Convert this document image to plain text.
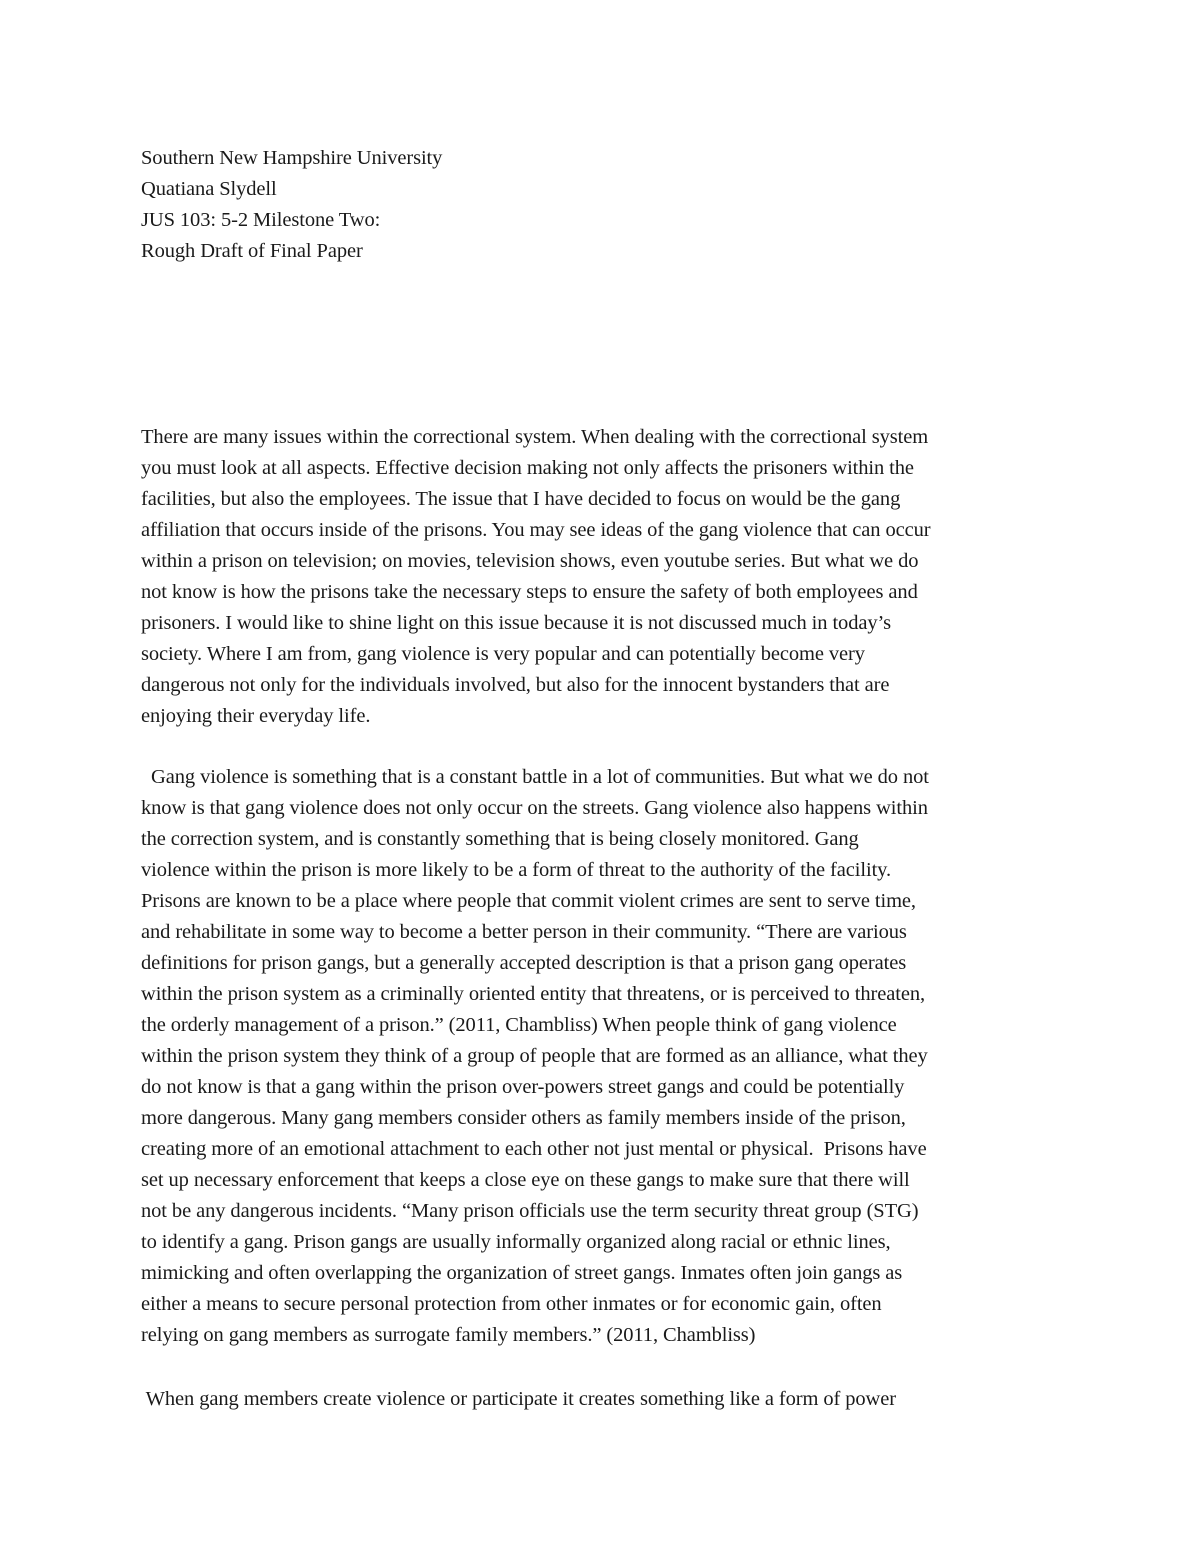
Southern New Hampshire University
Quatiana Slydell
JUS 103: 5-2 Milestone Two:
Rough Draft of Final Paper
There are many issues within the correctional system. When dealing with the correctional system
you must look at all aspects. Effective decision making not only affects the prisoners within the
facilities, but also the employees. The issue that I have decided to focus on would be the gang
affiliation that occurs inside of the prisons. You may see ideas of the gang violence that can occur
within a prison on television; on movies, television shows, even youtube series. But what we do
not know is how the prisons take the necessary steps to ensure the safety of both employees and
prisoners. I would like to shine light on this issue because it is not discussed much in today’s
society. Where I am from, gang violence is very popular and can potentially become very
dangerous not only for the individuals involved, but also for the innocent bystanders that are
enjoying their everyday life.
Gang violence is something that is a constant battle in a lot of communities. But what we do not
know is that gang violence does not only occur on the streets. Gang violence also happens within
the correction system, and is constantly something that is being closely monitored. Gang
violence within the prison is more likely to be a form of threat to the authority of the facility.
Prisons are known to be a place where people that commit violent crimes are sent to serve time,
and rehabilitate in some way to become a better person in their community. “There are various
definitions for prison gangs, but a generally accepted description is that a prison gang operates
within the prison system as a criminally oriented entity that threatens, or is perceived to threaten,
the orderly management of a prison.” (2011, Chambliss) When people think of gang violence
within the prison system they think of a group of people that are formed as an alliance, what they
do not know is that a gang within the prison over-powers street gangs and could be potentially
more dangerous. Many gang members consider others as family members inside of the prison,
creating more of an emotional attachment to each other not just mental or physical.  Prisons have
set up necessary enforcement that keeps a close eye on these gangs to make sure that there will
not be any dangerous incidents. “Many prison officials use the term security threat group (STG)
to identify a gang. Prison gangs are usually informally organized along racial or ethnic lines,
mimicking and often overlapping the organization of street gangs. Inmates often join gangs as
either a means to secure personal protection from other inmates or for economic gain, often
relying on gang members as surrogate family members.” (2011, Chambliss)
When gang members create violence or participate it creates something like a form of power
